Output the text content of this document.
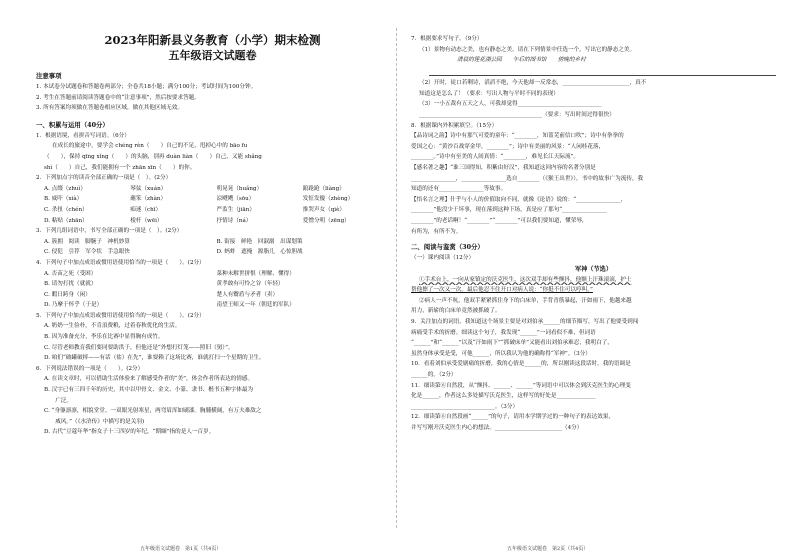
2023年阳新县义务教育（小学）期末检测
五年级语文试题卷
注意事项
1. 本试卷分试题卷和答题卷两部分；全卷共18小题；满分100分；考试时间为100分钟。
2. 考生在答题前请阅读答题卷中的“注意事项”，然后按要求答题。
3. 所有答案均须做在答题卷相应区域，做在其他区域无效。
一、积累与运用（40分）
1．根据语境，看拼音写词语。（6分）
在成长的旅途中，要学会 chéng rèn（　　）自己的不足，甩掉心中的 bāo fu
（　　），保持 qīng xǐng（　　）的头脑，别再 duàn liàn（　　）自己，又能 shǎng
shì（　　）自己，我们能拥有一个 zhān xīn（　　）的你。
2．下列加点字的读音全部正确的一项是（　）。(2分）
A. 点缀（zhuì）	琴弦（xuán）	明晃晃（huǎng）	踉跄跄（liàng）
B. 威吓（xià）	蘸笨（zhàn）	凉飕飕（sōu）	发怔发傻（zhèng）
C. 杀扭（chén）	痴迷（chī）	严监生（jiān）	推哭声女（qiè）
D. 粘贴（zhān）	棱杆（wēi）	抒情诗（ná）	爱憎分明（zēng）
3．下列几组词语中，书写全部正确的一项是（　）。(2分）
A. 簇拥　阅读　脚腕子　神机妙算	B. 街接　鲜艳　回淑溺　出谋划策
C. 侵犯　引荐　军令状　手急眼快	D. 蚂蚱　遮掩　源脂儿　心惊胆战
4．下列句子中加点成语或惯用语使用恰当的一项是（　　）。(2分）
A. 否苗之死（受困）	菜种未解世拼恨（理解、懂得）
B. 请勿打扰（就就）	黄孝敢有可怜之谷（年轻）
C. 暇日跨身（闲）	楚人有鬻盾与矛者（卖）
D. 乃摩于怀乎（于是）	南望王师又一年（朝廷的军队）
5．下列句子中加点成语或惯用语使用恰当的一项是（　　）。(2分）
A. 奶奶一生俭朴，不肯浪费粮，过着春秋优化的生活。
B. 因为准备充分，李乐在比赛中显得胸有成竹。
C. 尽管老师教育我们要同要助洪于，但他还是“外想打灯笼——照旧（舅）”。
D. 咱们“破罐破摔——有话（盐）在先”，谁耍赖了这场比赛，谁就打扫一个星期的卫生。
6．下列说法错误的一项是（　　）。(2分）
A. 在读文章时，可以借助生活体验来了解感受作者的“美”，体会作者所表达的情感。
B. 汉字已有三四千年的历史，其中以甲骨文、金文、小篆、隶书、楷书五种字体最为
　　广泛。
C. “身躯凛凛，相貌堂堂。一双眼光射寒星，两弯眉浑如刷漆。胸脯横阔，有万夫难敌之
　　威风。”（《水浒传》中描写的是关羽)
D. 古代“豆蔻年华”指女子十三四岁的年纪，“期颐”指的是人一百岁。
五年级语文试题卷　第1页（共4页）
7．根据要求写句子。（9分）
（1）景物有动态之美，也有静态之美。请在下列情景中任选一个，写出它的静态之美。
清晨的莲花湖公园　　午后的图书馆　　傍晚的乡村
（2）开时，徒口若剩诗，滔滔不绝，今天他却一反常态，________________________，真不
知道这是怎么了！（要求：写出人物与平时不同的表现）
（3）一小五裁有五天之人，可我却觉得______________________________
____________________________________________（要求：写出时间过得很快）
8．根据课内外积累填空。（15分）
【品诗词之韵】诗中有那气可爱的童年：“________，知蔷芜前信口吹”；诗中有拳拳的
爱国之心：“黄沙百战穿金甲，________”；诗中有美丽的风景：“人闲桂花落，
________。”诗中有至美的人间真情：“________，难见长江天际流”。
【感名著之趣】“谁三国得知，积紫由好汉”，我知道这回内容的名著分别是
________________，________________选自________（《猴王出世》），书中的故事广为流传，我
知道的还有________________等故事。
【悟名言之理】什乎与小人的价值取向不同，就像《论语》说的：“________________，
________”他没少干坏事，现在落到这种下场，真是应了那句“________________
________”的老话啊！“________”“________”可以我们要知道，懂荣辱，
有所为，有所不为。
二、阅读与鉴赏（30分）
（一）课内阅读（12分）
军神（节选）
①手术台上，一向从家镇定的沃克医生，这次双手却有些颤抖，他额上汗珠滚滚，护士
帮他擦了一次又一次。最后他忍不住开口对病人说：“你挺不住可以哼叫。”
②病人一声不吭，他双手紧紧抓住身下的白床单，手背青筋暴起，汗如雨下，他越来越
用力，新崭的白床单竟然被抓破了。
9．关注加点的词语，我知道这个场景主要是对刘伯承______的细节描写，写出了他要受到闯
病痛受手术的折磨。细读这个句子，我发现“______”一词看似不难，但词语
“______”和“______”以及“汗如雨下”“抓破床单”又能看出刘伯承难忍，我明白了，
虽然身体承受是受，可他______，所以我认为他的确称得“军神”。（3分）
10．看着刘伯承受爱剧痛的折磨，我的心情是______的，所以刚读这段话时，我的语调是
______的。（2分）
11．细读第⑥自然段，从“颤抖、______、______”等词语中可以体会到沃克医生的心理变
化是______，作者这么多处描写沃克医生，这样写的好处是______________
______________________________。（3分）
12．细读第⑥自然段画“______”的句子，请用本学期学过的一种句子的表达效果，
并写写刚开沃克医生内心的想法。________________________（4分）
五年级语文试题卷　第2页（共4页）
